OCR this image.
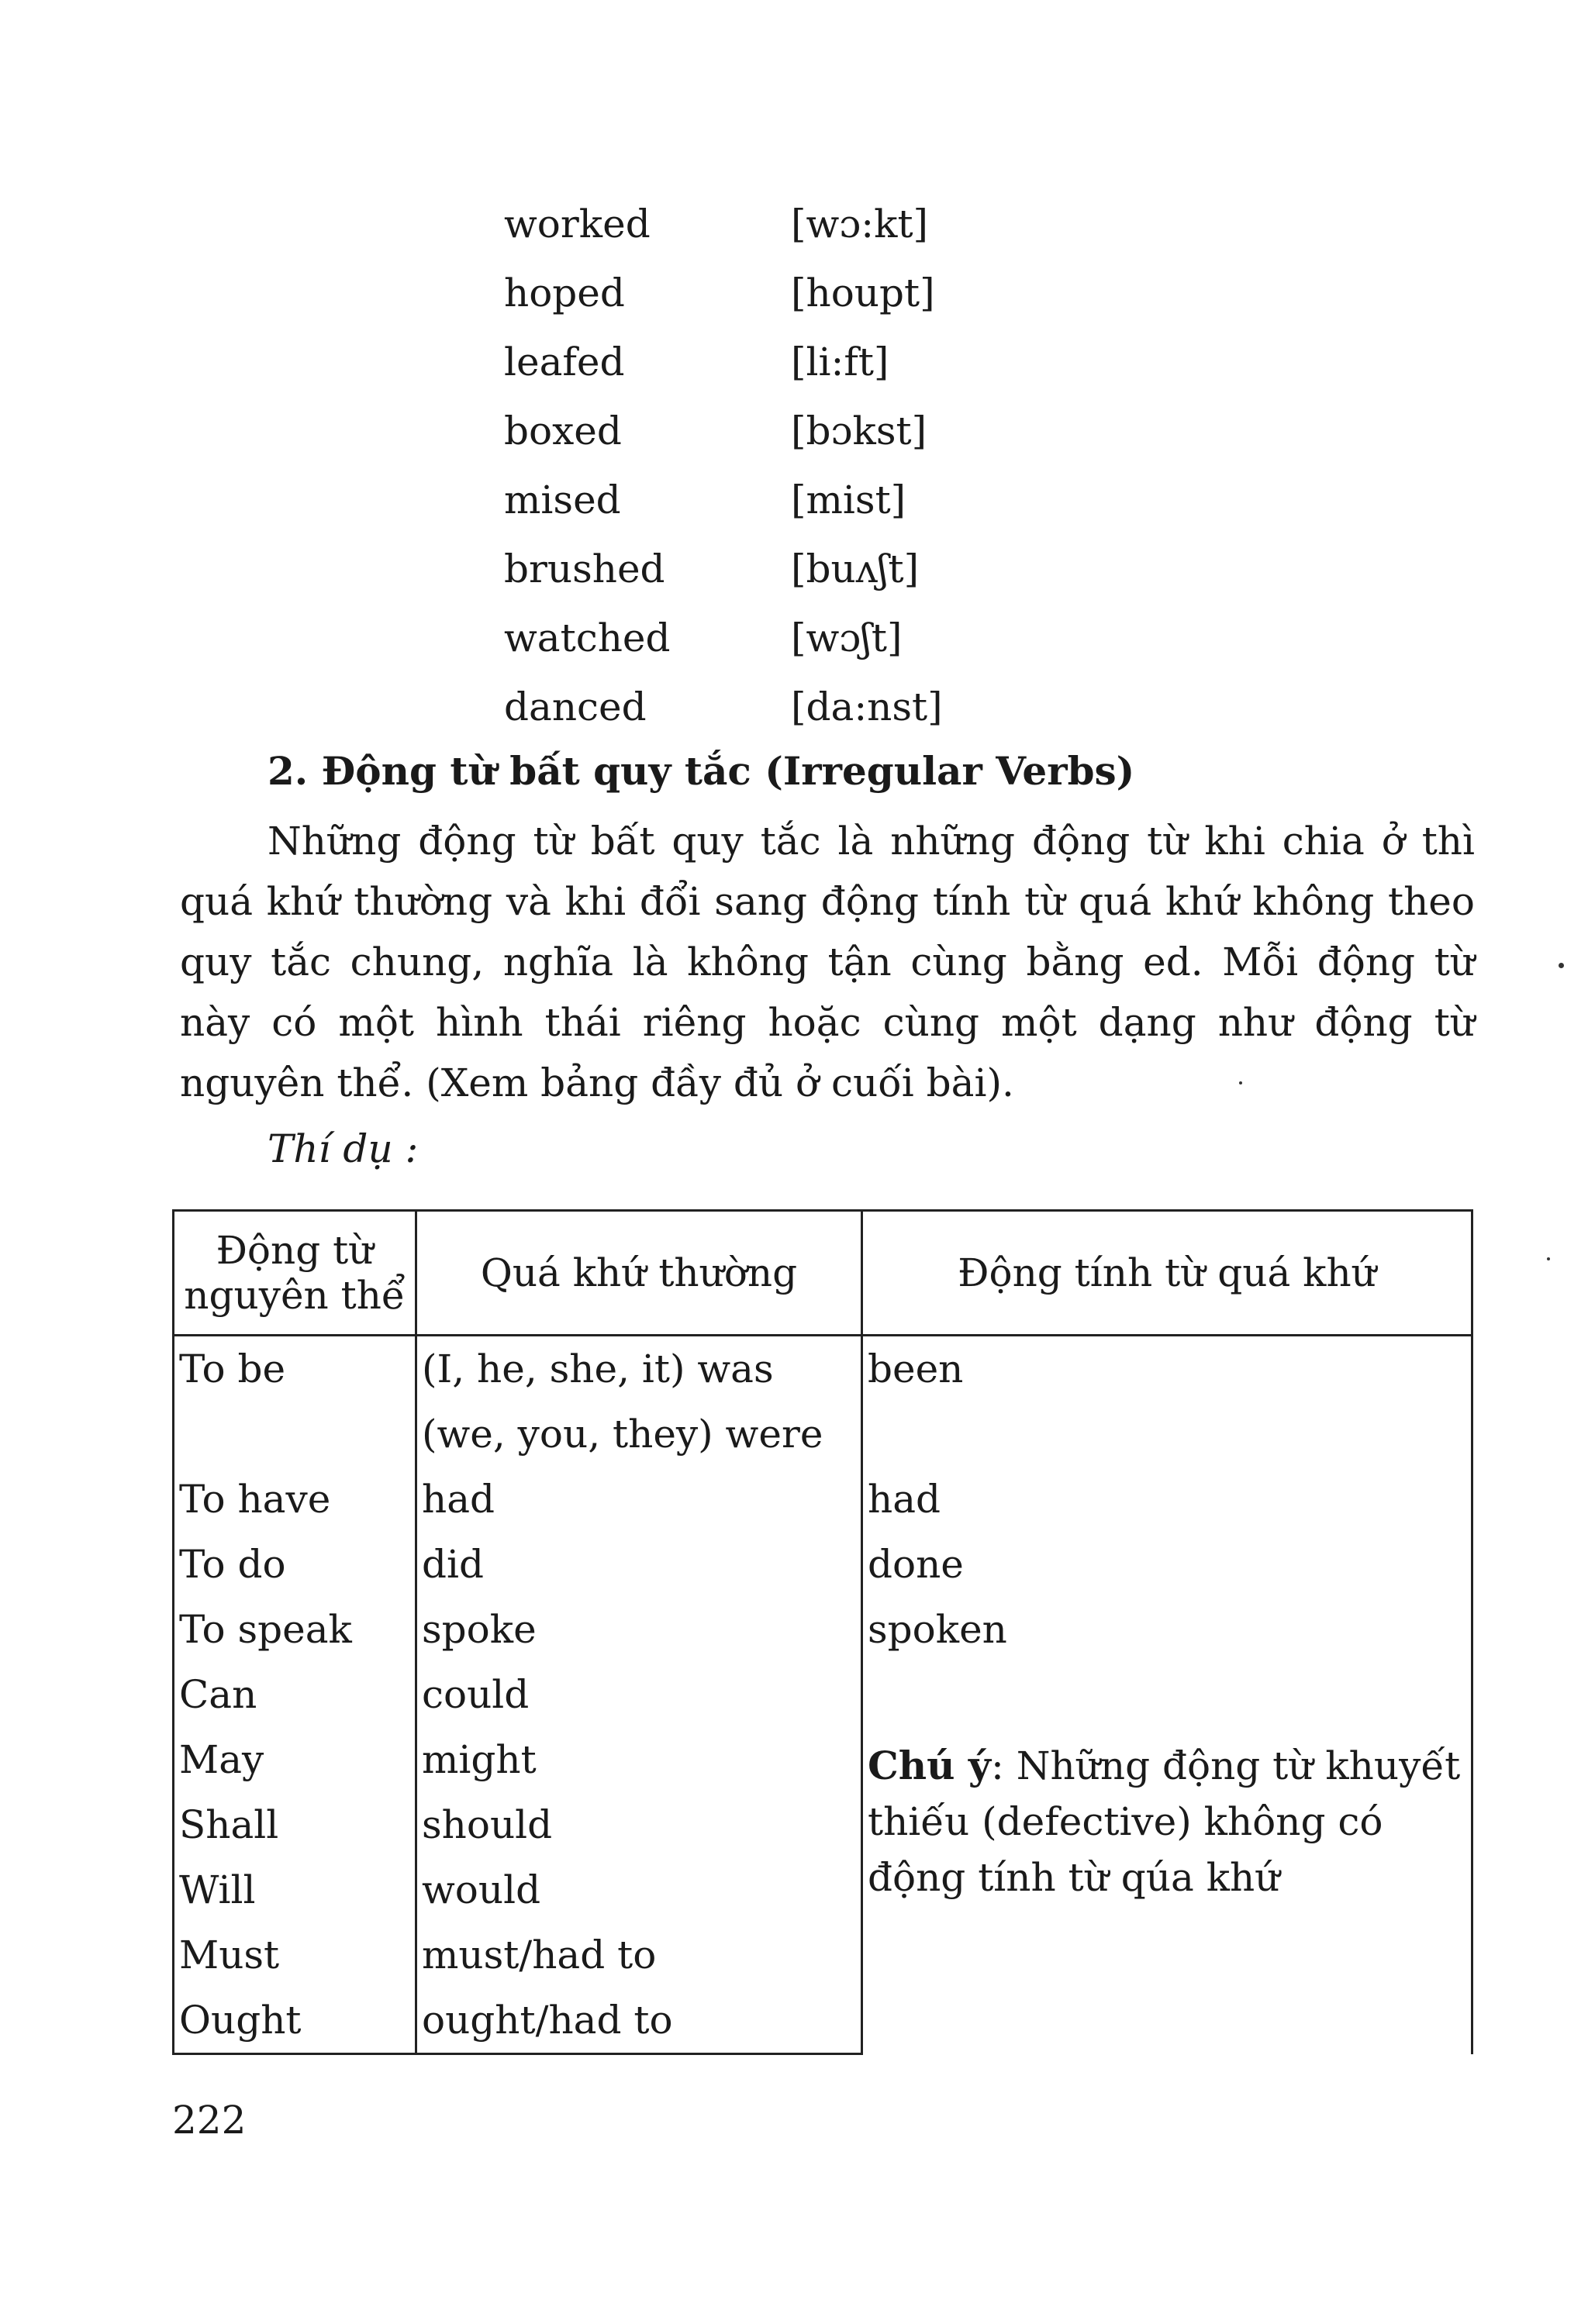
worked	[wɔ:kt]
hoped	[houpt]
leafed	[li:ft]
boxed	[bɔkst]
mised	[mist]
brushed	[buʌʃt]
watched	[wɔʃt]
danced	[da:nst]
2. Động từ bất quy tắc (Irregular Verbs)
Những động từ bất quy tắc là những động từ khi chia ở thì quá khứ thường và khi đổi sang động tính từ quá khứ không theo quy tắc chung, nghĩa là không tận cùng bằng ed. Mỗi động từ này có một hình thái riêng hoặc cùng một dạng như động từ nguyên thể. (Xem bảng đầy đủ ở cuối bài).
Thí dụ :
Động từ nguyên thể	Quá khứ thường	Động tính từ quá khứ
To be	(I, he, she, it) was	been
	(we, you, they) were	
To have	had	had
To do	did	done
To speak	spoke	spoken
Can	could	
May	might	Chú ý: Những động từ khuyết thiếu (defective) không có động tính từ qúa khứ
Shall	should	
Will	would	
Must	must/had to	
Ought	ought/had to	
222
